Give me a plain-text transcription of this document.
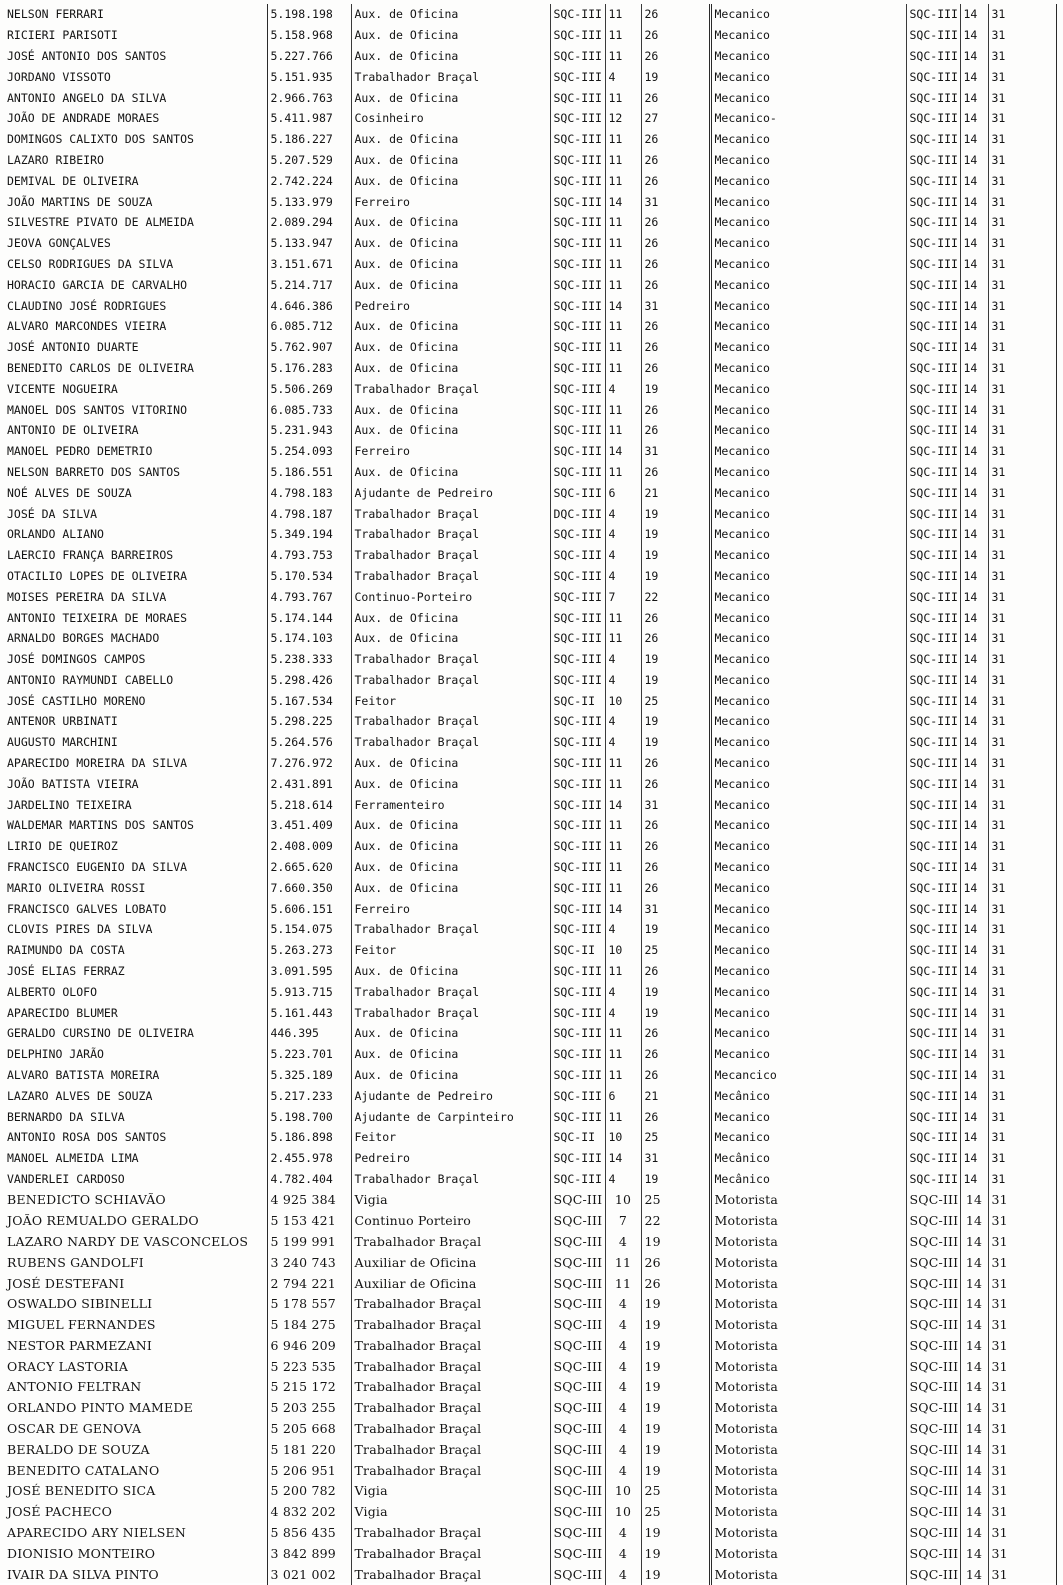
NELSON FERRARI	5.198.198	Aux. de Oficina	SQC-III	11	26	Mecanico	SQC-III	14	31
RICIERI PARISOTI	5.158.968	Aux. de Oficina	SQC-III	11	26	Mecanico	SQC-III	14	31
JOSÉ ANTONIO DOS SANTOS	5.227.766	Aux. de Oficina	SQC-III	11	26	Mecanico	SQC-III	14	31
JORDANO VISSOTO	5.151.935	Trabalhador Braçal	SQC-III	4	19	Mecanico	SQC-III	14	31
ANTONIO ANGELO DA SILVA	2.966.763	Aux. de Oficina	SQC-III	11	26	Mecanico	SQC-III	14	31
JOÃO DE ANDRADE MORAES	5.411.987	Cosinheiro	SQC-III	12	27	Mecanico-	SQC-III	14	31
DOMINGOS CALIXTO DOS SANTOS	5.186.227	Aux. de Oficina	SQC-III	11	26	Mecanico	SQC-III	14	31
LAZARO RIBEIRO	5.207.529	Aux. de Oficina	SQC-III	11	26	Mecanico	SQC-III	14	31
DEMIVAL DE OLIVEIRA	2.742.224	Aux. de Oficina	SQC-III	11	26	Mecanico	SQC-III	14	31
JOÃO MARTINS DE SOUZA	5.133.979	Ferreiro	SQC-III	14	31	Mecanico	SQC-III	14	31
SILVESTRE PIVATO DE ALMEIDA	2.089.294	Aux. de Oficina	SQC-III	11	26	Mecanico	SQC-III	14	31
JEOVA GONÇALVES	5.133.947	Aux. de Oficina	SQC-III	11	26	Mecanico	SQC-III	14	31
CELSO RODRIGUES DA SILVA	3.151.671	Aux. de Oficina	SQC-III	11	26	Mecanico	SQC-III	14	31
HORACIO GARCIA DE CARVALHO	5.214.717	Aux. de Oficina	SQC-III	11	26	Mecanico	SQC-III	14	31
CLAUDINO JOSÉ RODRIGUES	4.646.386	Pedreiro	SQC-III	14	31	Mecanico	SQC-III	14	31
ALVARO MARCONDES VIEIRA	6.085.712	Aux. de Oficina	SQC-III	11	26	Mecanico	SQC-III	14	31
JOSÉ ANTONIO DUARTE	5.762.907	Aux. de Oficina	SQC-III	11	26	Mecanico	SQC-III	14	31
BENEDITO CARLOS DE OLIVEIRA	5.176.283	Aux. de Oficina	SQC-III	11	26	Mecanico	SQC-III	14	31
VICENTE NOGUEIRA	5.506.269	Trabalhador Braçal	SQC-III	4	19	Mecanico	SQC-III	14	31
MANOEL DOS SANTOS VITORINO	6.085.733	Aux. de Oficina	SQC-III	11	26	Mecanico	SQC-III	14	31
ANTONIO DE OLIVEIRA	5.231.943	Aux. de Oficina	SQC-III	11	26	Mecanico	SQC-III	14	31
MANOEL PEDRO DEMETRIO	5.254.093	Ferreiro	SQC-III	14	31	Mecanico	SQC-III	14	31
NELSON BARRETO DOS SANTOS	5.186.551	Aux. de Oficina	SQC-III	11	26	Mecanico	SQC-III	14	31
NOÉ ALVES DE SOUZA	4.798.183	Ajudante de Pedreiro	SQC-III	6	21	Mecanico	SQC-III	14	31
JOSÉ DA SILVA	4.798.187	Trabalhador Braçal	DQC-III	4	19	Mecanico	SQC-III	14	31
ORLANDO ALIANO	5.349.194	Trabalhador Braçal	SQC-III	4	19	Mecanico	SQC-III	14	31
LAERCIO FRANÇA BARREIROS	4.793.753	Trabalhador Braçal	SQC-III	4	19	Mecanico	SQC-III	14	31
OTACILIO LOPES DE OLIVEIRA	5.170.534	Trabalhador Braçal	SQC-III	4	19	Mecanico	SQC-III	14	31
MOISES PEREIRA DA SILVA	4.793.767	Continuo-Porteiro	SQC-III	7	22	Mecanico	SQC-III	14	31
ANTONIO TEIXEIRA DE MORAES	5.174.144	Aux. de Oficina	SQC-III	11	26	Mecanico	SQC-III	14	31
ARNALDO BORGES MACHADO	5.174.103	Aux. de Oficina	SQC-III	11	26	Mecanico	SQC-III	14	31
JOSÉ DOMINGOS CAMPOS	5.238.333	Trabalhador Braçal	SQC-III	4	19	Mecanico	SQC-III	14	31
ANTONIO RAYMUNDI CABELLO	5.298.426	Trabalhador Braçal	SQC-III	4	19	Mecanico	SQC-III	14	31
JOSÉ CASTILHO MORENO	5.167.534	Feitor	SQC-II	10	25	Mecanico	SQC-III	14	31
ANTENOR URBINATI	5.298.225	Trabalhador Braçal	SQC-III	4	19	Mecanico	SQC-III	14	31
AUGUSTO MARCHINI	5.264.576	Trabalhador Braçal	SQC-III	4	19	Mecanico	SQC-III	14	31
APARECIDO MOREIRA DA SILVA	7.276.972	Aux. de Oficina	SQC-III	11	26	Mecanico	SQC-III	14	31
JOÃO BATISTA VIEIRA	2.431.891	Aux. de Oficina	SQC-III	11	26	Mecanico	SQC-III	14	31
JARDELINO TEIXEIRA	5.218.614	Ferramenteiro	SQC-III	14	31	Mecanico	SQC-III	14	31
WALDEMAR MARTINS DOS SANTOS	3.451.409	Aux. de Oficina	SQC-III	11	26	Mecanico	SQC-III	14	31
LIRIO DE QUEIROZ	2.408.009	Aux. de Oficina	SQC-III	11	26	Mecanico	SQC-III	14	31
FRANCISCO EUGENIO DA SILVA	2.665.620	Aux. de Oficina	SQC-III	11	26	Mecanico	SQC-III	14	31
MARIO OLIVEIRA ROSSI	7.660.350	Aux. de Oficina	SQC-III	11	26	Mecanico	SQC-III	14	31
FRANCISCO GALVES LOBATO	5.606.151	Ferreiro	SQC-III	14	31	Mecanico	SQC-III	14	31
CLOVIS PIRES DA SILVA	5.154.075	Trabalhador Braçal	SQC-III	4	19	Mecanico	SQC-III	14	31
RAIMUNDO DA COSTA	5.263.273	Feitor	SQC-II	10	25	Mecanico	SQC-III	14	31
JOSÉ ELIAS FERRAZ	3.091.595	Aux. de Oficina	SQC-III	11	26	Mecanico	SQC-III	14	31
ALBERTO OLOFO	5.913.715	Trabalhador Braçal	SQC-III	4	19	Mecanico	SQC-III	14	31
APARECIDO BLUMER	5.161.443	Trabalhador Braçal	SQC-III	4	19	Mecanico	SQC-III	14	31
GERALDO CURSINO DE OLIVEIRA	446.395	Aux. de Oficina	SQC-III	11	26	Mecanico	SQC-III	14	31
DELPHINO JARÃO	5.223.701	Aux. de Oficina	SQC-III	11	26	Mecanico	SQC-III	14	31
ALVARO BATISTA MOREIRA	5.325.189	Aux. de Oficina	SQC-III	11	26	Mecancico	SQC-III	14	31
LAZARO ALVES DE SOUZA	5.217.233	Ajudante de Pedreiro	SQC-III	6	21	Mecânico	SQC-III	14	31
BERNARDO DA SILVA	5.198.700	Ajudante de Carpinteiro	SQC-III	11	26	Mecanico	SQC-III	14	31
ANTONIO ROSA DOS SANTOS	5.186.898	Feitor	SQC-II	10	25	Mecanico	SQC-III	14	31
MANOEL ALMEIDA LIMA	2.455.978	Pedreiro	SQC-III	14	31	Mecânico	SQC-III	14	31
VANDERLEI CARDOSO	4.782.404	Trabalhador Braçal	SQC-III	4	19	Mecânico	SQC-III	14	31
BENEDICTO SCHIAVÃO	4 925 384	Vigia	SQC-III	10	25	Motorista	SQC-III	14	31
JOÃO REMUALDO GERALDO	5 153 421	Continuo Porteiro	SQC-III	7	22	Motorista	SQC-III	14	31
LAZARO NARDY DE VASCONCELOS	5 199 991	Trabalhador Braçal	SQC-III	4	19	Motorista	SQC-III	14	31
RUBENS GANDOLFI	3 240 743	Auxiliar de Oficina	SQC-III	11	26	Motorista	SQC-III	14	31
JOSÉ DESTEFANI	2 794 221	Auxiliar de Oficina	SQC-III	11	26	Motorista	SQC-III	14	31
OSWALDO SIBINELLI	5 178 557	Trabalhador Braçal	SQC-III	4	19	Motorista	SQC-III	14	31
MIGUEL FERNANDES	5 184 275	Trabalhador Braçal	SQC-III	4	19	Motorista	SQC-III	14	31
NESTOR PARMEZANI	6 946 209	Trabalhador Braçal	SQC-III	4	19	Motorista	SQC-III	14	31
ORACY LASTORIA	5 223 535	Trabalhador Braçal	SQC-III	4	19	Motorista	SQC-III	14	31
ANTONIO FELTRAN	5 215 172	Trabalhador Braçal	SQC-III	4	19	Motorista	SQC-III	14	31
ORLANDO PINTO MAMEDE	5 203 255	Trabalhador Braçal	SQC-III	4	19	Motorista	SQC-III	14	31
OSCAR DE GENOVA	5 205 668	Trabalhador Braçal	SQC-III	4	19	Motorista	SQC-III	14	31
BERALDO DE SOUZA	5 181 220	Trabalhador Braçal	SQC-III	4	19	Motorista	SQC-III	14	31
BENEDITO CATALANO	5 206 951	Trabalhador Braçal	SQC-III	4	19	Motorista	SQC-III	14	31
JOSÉ BENEDITO SICA	5 200 782	Vigia	SQC-III	10	25	Motorista	SQC-III	14	31
JOSÉ PACHECO	4 832 202	Vigia	SQC-III	10	25	Motorista	SQC-III	14	31
APARECIDO ARY NIELSEN	5 856 435	Trabalhador Braçal	SQC-III	4	19	Motorista	SQC-III	14	31
DIONISIO MONTEIRO	3 842 899	Trabalhador Braçal	SQC-III	4	19	Motorista	SQC-III	14	31
IVAIR DA SILVA PINTO	3 021 002	Trabalhador Braçal	SQC-III	4	19	Motorista	SQC-III	14	31
